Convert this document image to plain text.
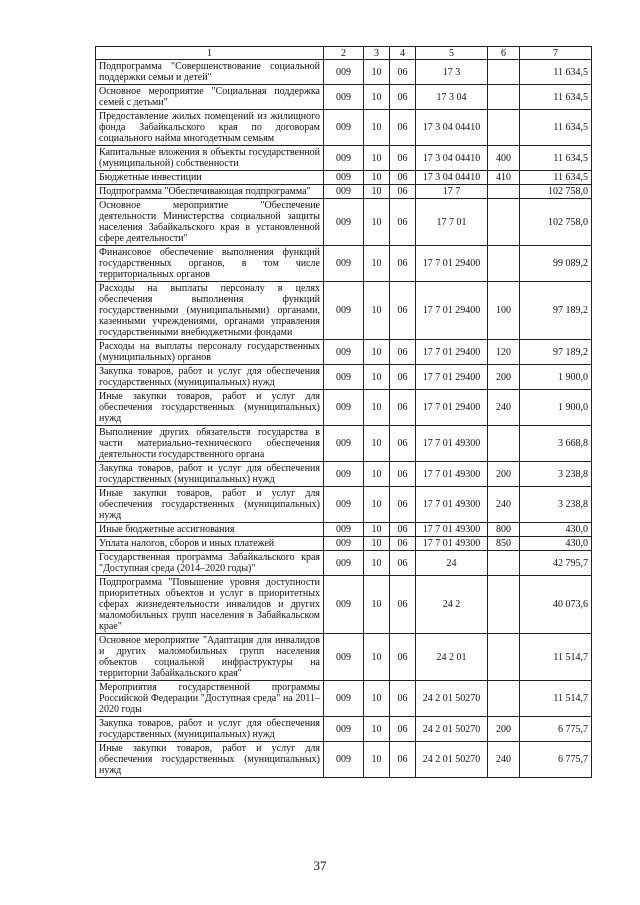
1	2	3	4	5	6	7
Подпрограмма "Совершенствование социальной поддержки семьи и детей"	009	10	06	17 3		11 634,5
Основное мероприятие "Социальная поддержка семей с детьми"	009	10	06	17 3 04		11 634,5
Предоставление жилых помещений из жилищного фонда Забайкальского края по договорам социального найма многодетным семьям	009	10	06	17 3 04 04410		11 634,5
Капитальные вложения в объекты государственной (муниципальной) собственности	009	10	06	17 3 04 04410	400	11 634,5
Бюджетные инвестиции	009	10	06	17 3 04 04410	410	11 634,5
Подпрограмма "Обеспечивающая подпрограмма"	009	10	06	17 7		102 758,0
Основное мероприятие "Обеспечение деятельности Министерства социальной защиты населения Забайкальского края в установленной сфере деятельности"	009	10	06	17 7 01		102 758,0
Финансовое обеспечение выполнения функций государственных органов, в том числе территориальных органов	009	10	06	17 7 01 29400		99 089,2
Расходы на выплаты персоналу в целях обеспечения выполнения функций государственными (муниципальными) органами, казенными учреждениями, органами управления государственными внебюджетными фондами	009	10	06	17 7 01 29400	100	97 189,2
Расходы на выплаты персоналу государственных (муниципальных) органов	009	10	06	17 7 01 29400	120	97 189,2
Закупка товаров, работ и услуг для обеспечения государственных (муниципальных) нужд	009	10	06	17 7 01 29400	200	1 900,0
Иные закупки товаров, работ и услуг для обеспечения государственных (муниципальных) нужд	009	10	06	17 7 01 29400	240	1 900,0
Выполнение других обязательств государства в части материально-технического обеспечения деятельности государственного органа	009	10	06	17 7 01 49300		3 668,8
Закупка товаров, работ и услуг для обеспечения государственных (муниципальных) нужд	009	10	06	17 7 01 49300	200	3 238,8
Иные закупки товаров, работ и услуг для обеспечения государственных (муниципальных) нужд	009	10	06	17 7 01 49300	240	3 238,8
Иные бюджетные ассигнования	009	10	06	17 7 01 49300	800	430,0
Уплата налогов, сборов и иных платежей	009	10	06	17 7 01 49300	850	430,0
Государственная программа Забайкальского края "Доступная среда (2014–2020 годы)"	009	10	06	24		42 795,7
Подпрограмма "Повышение уровня доступности приоритетных объектов и услуг в приоритетных сферах жизнедеятельности инвалидов и других маломобильных групп населения в Забайкальском крае"	009	10	06	24 2		40 073,6
Основное мероприятие "Адаптация для инвалидов и других маломобильных групп населения объектов социальной инфраструктуры на территории Забайкальского края"	009	10	06	24 2 01		11 514,7
Мероприятия государственной программы Российской Федерации "Доступная среда" на 2011–2020 годы	009	10	06	24 2 01 50270		11 514,7
Закупка товаров, работ и услуг для обеспечения государственных (муниципальных) нужд	009	10	06	24 2 01 50270	200	6 775,7
Иные закупки товаров, работ и услуг для обеспечения государственных (муниципальных) нужд	009	10	06	24 2 01 50270	240	6 775,7
37
